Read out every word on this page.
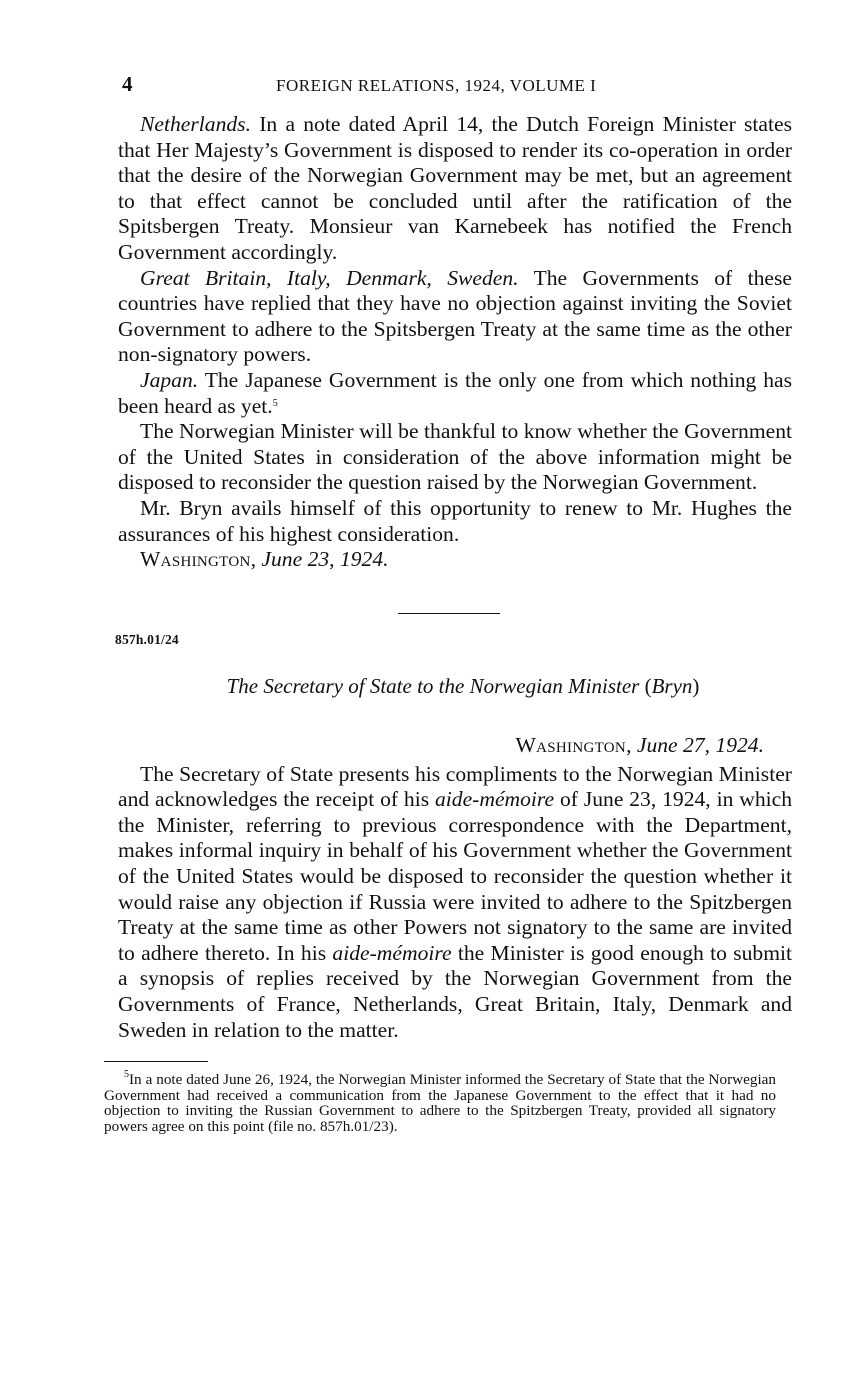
4	FOREIGN RELATIONS, 1924, VOLUME I

Netherlands. In a note dated April 14, the Dutch Foreign Minister states that Her Majesty’s Government is disposed to render its co-operation in order that the desire of the Norwegian Government may be met, but an agreement to that effect cannot be concluded until after the ratification of the Spitsbergen Treaty. Monsieur van Karnebeek has notified the French Government accordingly.

Great Britain, Italy, Denmark, Sweden. The Governments of these countries have replied that they have no objection against inviting the Soviet Government to adhere to the Spitsbergen Treaty at the same time as the other non-signatory powers.

Japan. The Japanese Government is the only one from which nothing has been heard as yet.$^5$

The Norwegian Minister will be thankful to know whether the Government of the United States in consideration of the above information might be disposed to reconsider the question raised by the Norwegian Government.

Mr. Bryn avails himself of this opportunity to renew to Mr. Hughes the assurances of his highest consideration.

Washington, June 23, 1924.

857h.01/24
The Secretary of State to the Norwegian Minister (Bryn)
Washington, June 27, 1924.

The Secretary of State presents his compliments to the Norwegian Minister and acknowledges the receipt of his aide-mémoire of June 23, 1924, in which the Minister, referring to previous correspondence with the Department, makes informal inquiry in behalf of his Government whether the Government of the United States would be disposed to reconsider the question whether it would raise any objection if Russia were invited to adhere to the Spitzbergen Treaty at the same time as other Powers not signatory to the same are invited to adhere thereto. In his aide-mémoire the Minister is good enough to submit a synopsis of replies received by the Norwegian Government from the Governments of France, Netherlands, Great Britain, Italy, Denmark and Sweden in relation to the matter.

$^5$In a note dated June 26, 1924, the Norwegian Minister informed the Secretary of State that the Norwegian Government had received a communication from the Japanese Government to the effect that it had no objection to inviting the Russian Government to adhere to the Spitzbergen Treaty, provided all signatory powers agree on this point (file no. 857h.01/23).
